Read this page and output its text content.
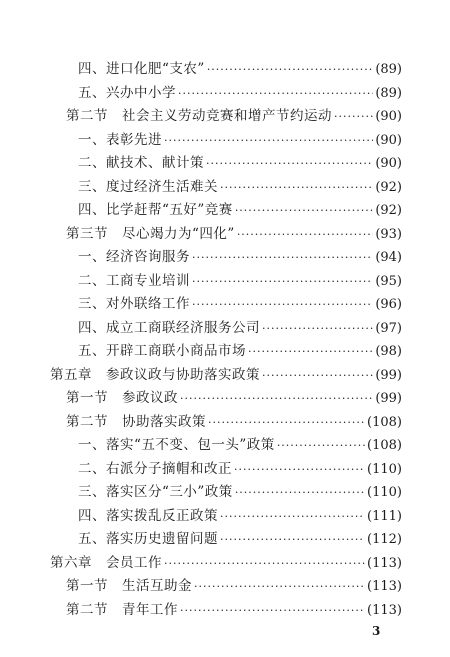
四、进口化肥“支农” ·····	(89)
五、兴办中小学 ·····	(89)
第二节　社会主义劳动竞赛和增产节约运动 ·····	(90)
一、表彰先进 ·····	(90)
二、献技术、献计策 ·····	(90)
三、度过经济生活难关 ·····	(92)
四、比学赶帮“五好”竞赛 ·····	(92)
第三节　尽心竭力为“四化” ·····	(93)
一、经济咨询服务 ·····	(94)
二、工商专业培训 ·····	(95)
三、对外联络工作 ·····	(96)
四、成立工商联经济服务公司 ·····	(97)
五、开辟工商联小商品市场 ·····	(98)
第五章　参政议政与协助落实政策 ·····	(99)
第一节　参政议政 ·····	(99)
第二节　协助落实政策 ·····	(108)
一、落实“五不变、包一头”政策 ·····	(108)
二、右派分子摘帽和改正 ·····	(110)
三、落实区分“三小”政策 ·····	(110)
四、落实拨乱反正政策 ·····	(111)
五、落实历史遗留问题 ·····	(112)
第六章　会员工作 ·····	(113)
第一节　生活互助金 ·····	(113)
第二节　青年工作 ·····	(113)
3
